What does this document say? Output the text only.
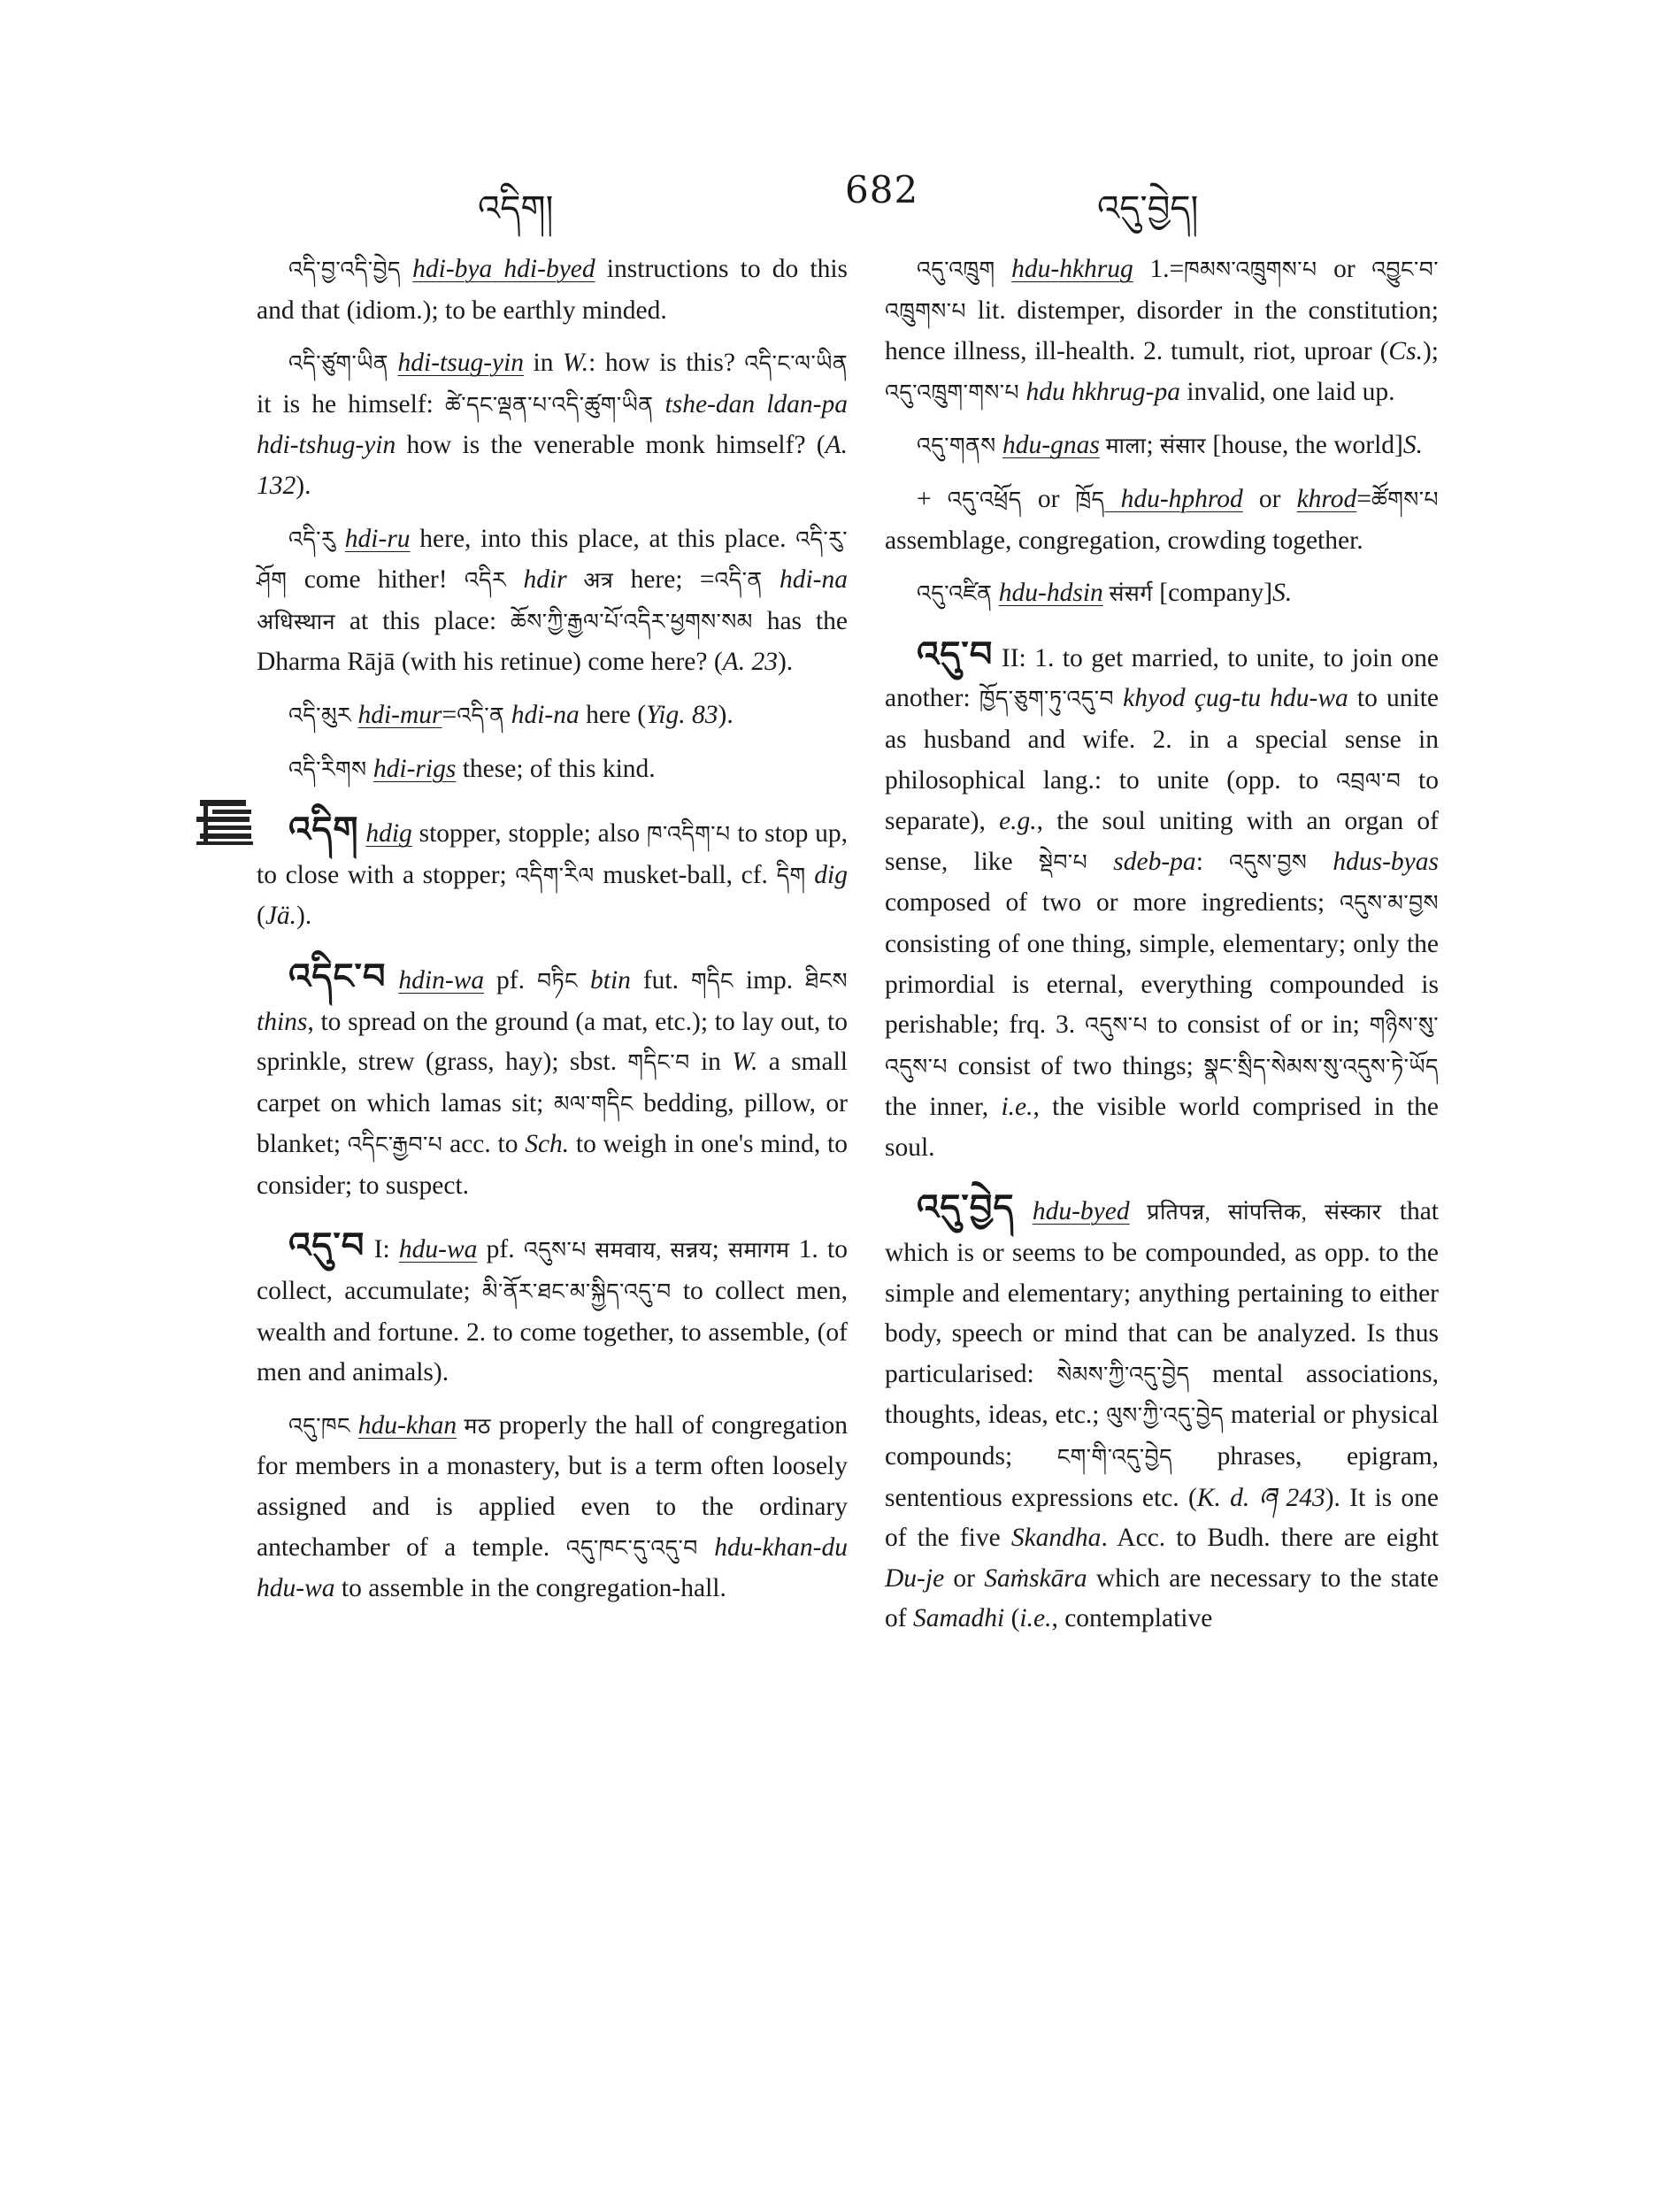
འདིག།	682	འདུ་བྱེད།

འདི་བྱ་འདི་བྱེད hdi-bya hdi-byed instructions to do this and that (idiom.); to be earthly minded.

འདི་ཙུག་ཡིན hdi-tsug-yin in W.: how is this? འདི་ང་ལ་ཡིན it is he himself: ཚེ་དང་ལྡན་པ་འདི་ཚུག་ཡིན tshe-dan ldan-pa hdi-tshug-yin how is the venerable monk himself? (A. 132).

འདི་རུ hdi-ru here, into this place, at this place. འདི་རུ་ཤོག come hither! འདིར hdir अत्र here; =འདི་ན hdi-na अधिस्थान at this place: ཆོས་ཀྱི་རྒྱལ་པོ་འདིར་ཕྱགས་སམ has the Dharma Rājā (with his retinue) come here? (A. 23).

འདི་མུར hdi-mur=འདི་ན hdi-na here (Yig. 83).

འདི་རིགས hdi-rigs these; of this kind.

འདིག hdig stopper, stopple; also ཁ་འདིག་པ to stop up, to close with a stopper; འདིག་རིལ musket-ball, cf. དིག dig (Jä.).

འདིང་བ hdin-wa pf. བཏིང btin fut. གདིང imp. ཐིངས thins, to spread on the ground (a mat, etc.); to lay out, to sprinkle, strew (grass, hay); sbst. གདིང་བ in W. a small carpet on which lamas sit; མལ་གདིང bedding, pillow, or blanket; འདིང་རྒྱབ་པ acc. to Sch. to weigh in one's mind, to consider; to suspect.

འདུ་བ I: hdu-wa pf. འདུས་པ समवाय, सन्नय; समागम 1. to collect, accumulate; མི་ནོར་ཐང་མ་སྐྱིད་འདུ་བ to collect men, wealth and fortune. 2. to come together, to assemble, (of men and animals).

འདུ་ཁང hdu-khan मठ properly the hall of congregation for members in a monastery, but is a term often loosely assigned and is applied even to the ordinary antechamber of a temple. འདུ་ཁང་དུ་འདུ་བ hdu-khan-du hdu-wa to assemble in the congregation-hall.

འདུ་འཁྲུག hdu-hkhrug 1.=ཁམས་འཁྲུགས་པ or འབྱུང་བ་འཁྲུགས་པ lit. distemper, disorder in the constitution; hence illness, ill-health. 2. tumult, riot, uproar (Cs.); འདུ་འཁྲུག་གས་པ hdu hkhrug-pa invalid, one laid up.

འདུ་གནས hdu-gnas माला; संसार [house, the world]S.

+ འདུ་འཕྲོད or ཁྲོད hdu-hphrod or khrod=ཚོགས་པ assemblage, congregation, crowding together.

འདུ་འཛིན hdu-hdsin संसर्ग [company]S.

འདུ་བ II: 1. to get married, to unite, to join one another: ཁྱོད་ཅུག་ཏུ་འདུ་བ khyod çug-tu hdu-wa to unite as husband and wife. 2. in a special sense in philosophical lang.: to unite (opp. to འབྲལ་བ to separate), e.g., the soul uniting with an organ of sense, like སྡེབ་པ sdeb-pa: འདུས་བྱས hdus-byas composed of two or more ingredients; འདུས་མ་བྱས consisting of one thing, simple, elementary; only the primordial is eternal, everything compounded is perishable; frq. 3. འདུས་པ to consist of or in; གཉིས་སུ་འདུས་པ consist of two things; སྣང་སྲིད་སེམས་སུ་འདུས་ཏེ་ཡོད the inner, i.e., the visible world comprised in the soul.

འདུ་བྱེད hdu-byed प्रतिपन्न, सांपत्तिक, संस्कार that which is or seems to be compounded, as opp. to the simple and elementary; anything pertaining to either body, speech or mind that can be analyzed. Is thus particularised: སེམས་ཀྱི་འདུ་བྱེད mental associations, thoughts, ideas, etc.; ལུས་ཀྱི་འདུ་བྱེད material or physical compounds; ངག་གི་འདུ་བྱེད phrases, epigram, sententious expressions etc. (K. d. ཞ 243). It is one of the five Skandha. Acc. to Budh. there are eight Du-je or Saṁskāra which are necessary to the state of Samadhi (i.e., contemplative
